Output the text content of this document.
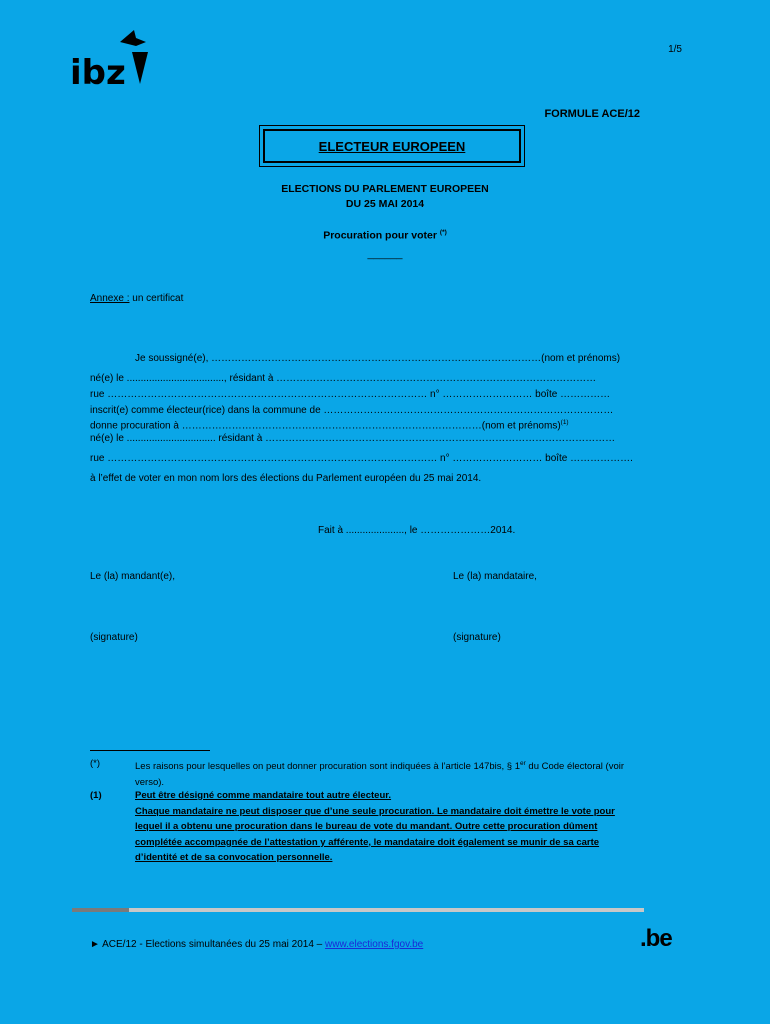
ibz
1/5
FORMULE ACE/12
ELECTEUR EUROPEEN
ELECTIONS DU PARLEMENT EUROPEEN
DU 25 MAI 2014
Procuration pour voter (*)
______
Annexe : un certificat
Je soussigné(e), ………………………………………………………………………………………(nom et prénoms)
né(e) le ..................................., résidant à ……………………………………………………………………………………
rue …………………………………………………………………………………… n° ……………………… boîte ……………
inscrit(e) comme électeur(rice) dans la commune de ……………………………………………………………………………
donne procuration à ………………………………………………………………………………(nom et prénoms)$^{(1)}$
né(e) le ................................ résidant à ……………………………………………………………………………………………
rue ……………………………………………………………………………………… n° ……………………… boîte ……………….
à l’effet de voter en mon nom lors des élections du Parlement européen du 25 mai 2014.
Fait à ....................., le …………………2014.
Le (la) mandant(e),	Le (la) mandataire,
(signature)	(signature)
(*)	Les raisons pour lesquelles on peut donner procuration sont indiquées à l’article 147bis, § 1er du Code électoral (voir
verso).
(1)	Peut être désigné comme mandataire tout autre électeur.
Chaque mandataire ne peut disposer que d’une seule procuration. Le mandataire doit émettre le vote pour
lequel il a obtenu une procuration dans le bureau de vote du mandant. Outre cette procuration dûment
complétée accompagnée de l’attestation y afférente, le mandataire doit également se munir de sa carte
d’identité et de sa convocation personnelle.
► ACE/12 - Elections simultanées du 25 mai 2014 – www.elections.fgov.be	.be
